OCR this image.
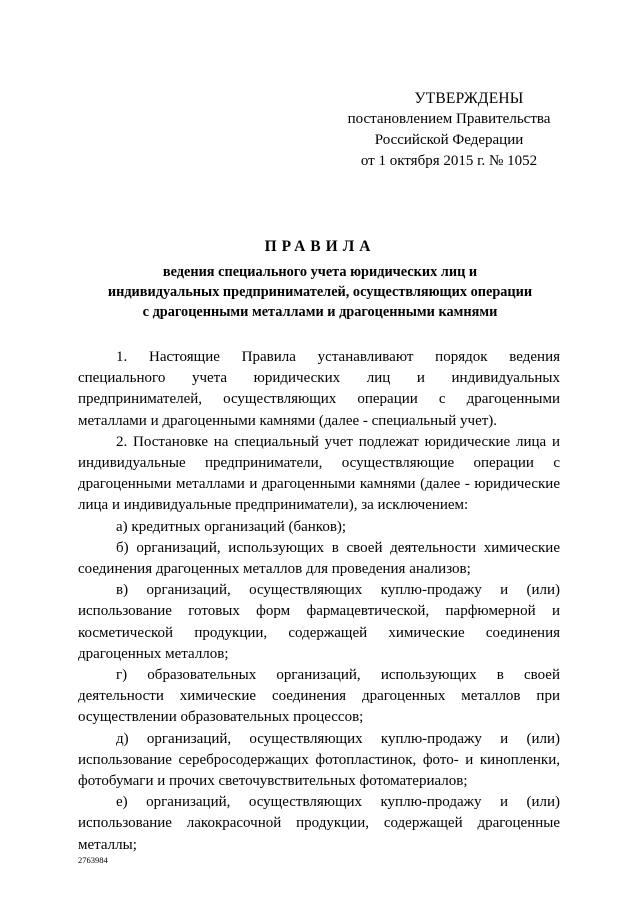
УТВЕРЖДЕНЫ
постановлением Правительства
Российской Федерации
от 1 октября 2015 г. № 1052
ПРАВИЛА
ведения специального учета юридических лиц и
индивидуальных предпринимателей, осуществляющих операции
с драгоценными металлами и драгоценными камнями

1. Настоящие Правила устанавливают порядок ведения специального учета юридических лиц и индивидуальных предпринимателей, осуществляющих операции с драгоценными металлами и драгоценными камнями (далее - специальный учет).

2. Постановке на специальный учет подлежат юридические лица и индивидуальные предприниматели, осуществляющие операции с драгоценными металлами и драгоценными камнями (далее - юридические лица и индивидуальные предприниматели), за исключением:

а) кредитных организаций (банков);

б) организаций, использующих в своей деятельности химические соединения драгоценных металлов для проведения анализов;

в) организаций, осуществляющих куплю-продажу и (или) использование готовых форм фармацевтической, парфюмерной и косметической продукции, содержащей химические соединения драгоценных металлов;

г) образовательных организаций, использующих в своей деятельности химические соединения драгоценных металлов при осуществлении образовательных процессов;

д) организаций, осуществляющих куплю-продажу и (или) использование серебросодержащих фотопластинок, фото- и кинопленки, фотобумаги и прочих светочувствительных фотоматериалов;

е) организаций, осуществляющих куплю-продажу и (или) использование лакокрасочной продукции, содержащей драгоценные металлы;

2763984
